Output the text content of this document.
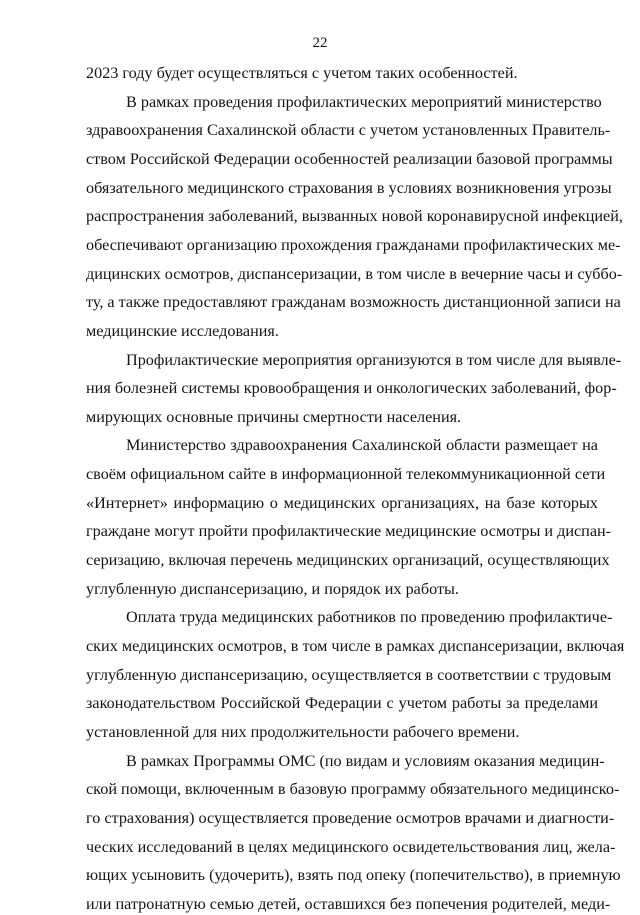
22
2023 году будет осуществляться с учетом таких особенностей.
В рамках проведения профилактических мероприятий министерство
здравоохранения Сахалинской области с учетом установленных Правитель-
ством Российской Федерации особенностей реализации базовой программы
обязательного медицинского страхования в условиях возникновения угрозы
распространения заболеваний, вызванных новой коронавирусной инфекцией,
обеспечивают организацию прохождения гражданами профилактических ме-
дицинских осмотров, диспансеризации, в том числе в вечерние часы и суббо-
ту, а также предоставляют гражданам возможность дистанционной записи на
медицинские исследования.
Профилактические мероприятия организуются в том числе для выявле-
ния болезней системы кровообращения и онкологических заболеваний, фор-
мирующих основные причины смертности населения.
Министерство здравоохранения Сахалинской области размещает на
своём официальном сайте в информационной телекоммуникационной сети
«Интернет» информацию о медицинских организациях, на базе которых
граждане могут пройти профилактические медицинские осмотры и диспан-
серизацию, включая перечень медицинских организаций, осуществляющих
углубленную диспансеризацию, и порядок их работы.
Оплата труда медицинских работников по проведению профилактиче-
ских медицинских осмотров, в том числе в рамках диспансеризации, включая
углубленную диспансеризацию, осуществляется в соответствии с трудовым
законодательством Российской Федерации с учетом работы за пределами
установленной для них продолжительности рабочего времени.
В рамках Программы ОМС (по видам и условиям оказания медицин-
ской помощи, включенным в базовую программу обязательного медицинско-
го страхования) осуществляется проведение осмотров врачами и диагности-
ческих исследований в целях медицинского освидетельствования лиц, жела-
ющих усыновить (удочерить), взять под опеку (попечительство), в приемную
или патронатную семью детей, оставшихся без попечения родителей, меди-
